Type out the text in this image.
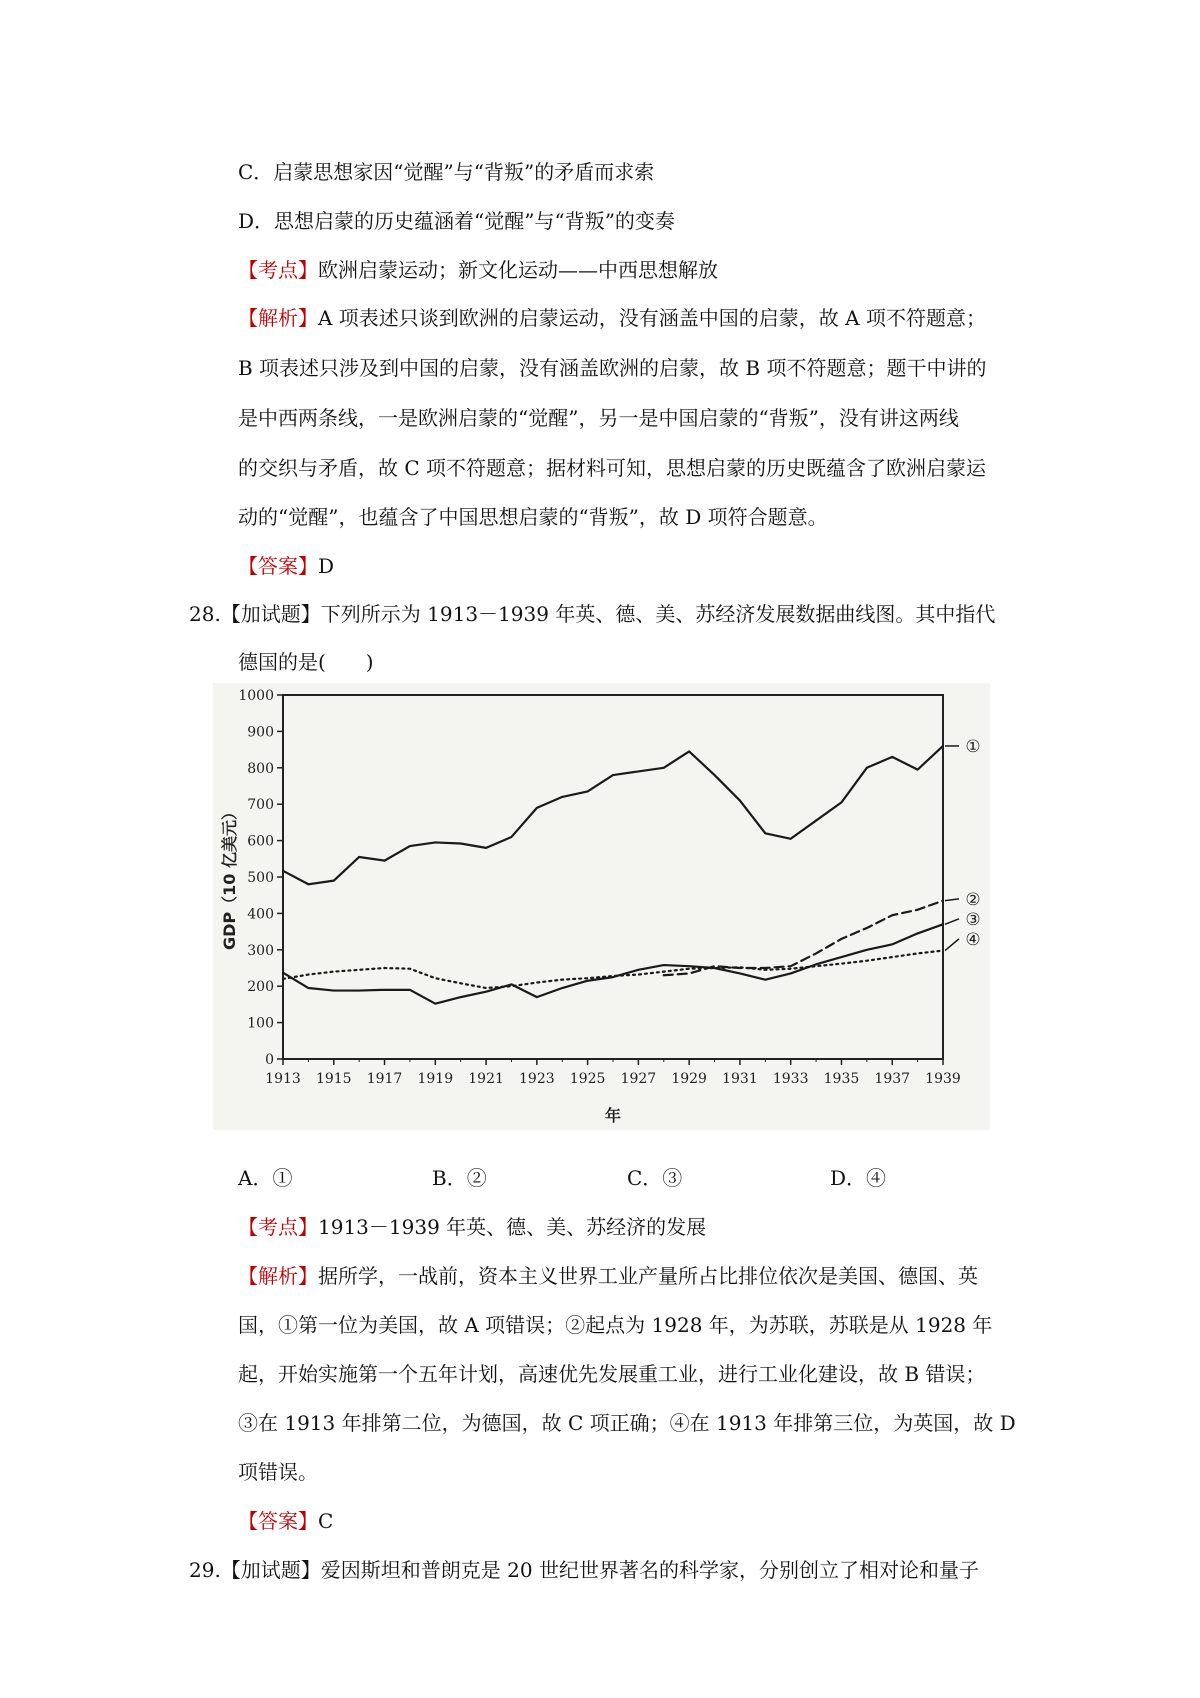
C．启蒙思想家因“觉醒”与“背叛”的矛盾而求索
D．思想启蒙的历史蕴涵着“觉醒”与“背叛”的变奏
【考点】欧洲启蒙运动；新文化运动——中西思想解放
【解析】A 项表述只谈到欧洲的启蒙运动，没有涵盖中国的启蒙，故 A 项不符题意；
B 项表述只涉及到中国的启蒙，没有涵盖欧洲的启蒙，故 B 项不符题意；题干中讲的
是中西两条线，一是欧洲启蒙的“觉醒”，另一是中国启蒙的“背叛”，没有讲这两线
的交织与矛盾，故 C 项不符题意；据材料可知，思想启蒙的历史既蕴含了欧洲启蒙运
动的“觉醒”，也蕴含了中国思想启蒙的“背叛”，故 D 项符合题意。
【答案】D
28.【加试题】下列所示为 1913－1939 年英、德、美、苏经济发展数据曲线图。其中指代
德国的是(　　)
0
100
200
300
400
500
600
700
800
900
1000
1913 1915 1917 1919 1921 1923 1925 1927 1929 1931 1933 1935 1937 1939
年
GDP（10 亿美元）
①
②
③
④
A．①	B．②	C．③	D．④
【考点】1913－1939 年英、德、美、苏经济的发展
【解析】据所学，一战前，资本主义世界工业产量所占比排位依次是美国、德国、英
国，①第一位为美国，故 A 项错误；②起点为 1928 年，为苏联，苏联是从 1928 年
起，开始实施第一个五年计划，高速优先发展重工业，进行工业化建设，故 B 错误；
③在 1913 年排第二位，为德国，故 C 项正确；④在 1913 年排第三位，为英国，故 D
项错误。
【答案】C
29.【加试题】爱因斯坦和普朗克是 20 世纪世界著名的科学家，分别创立了相对论和量子
